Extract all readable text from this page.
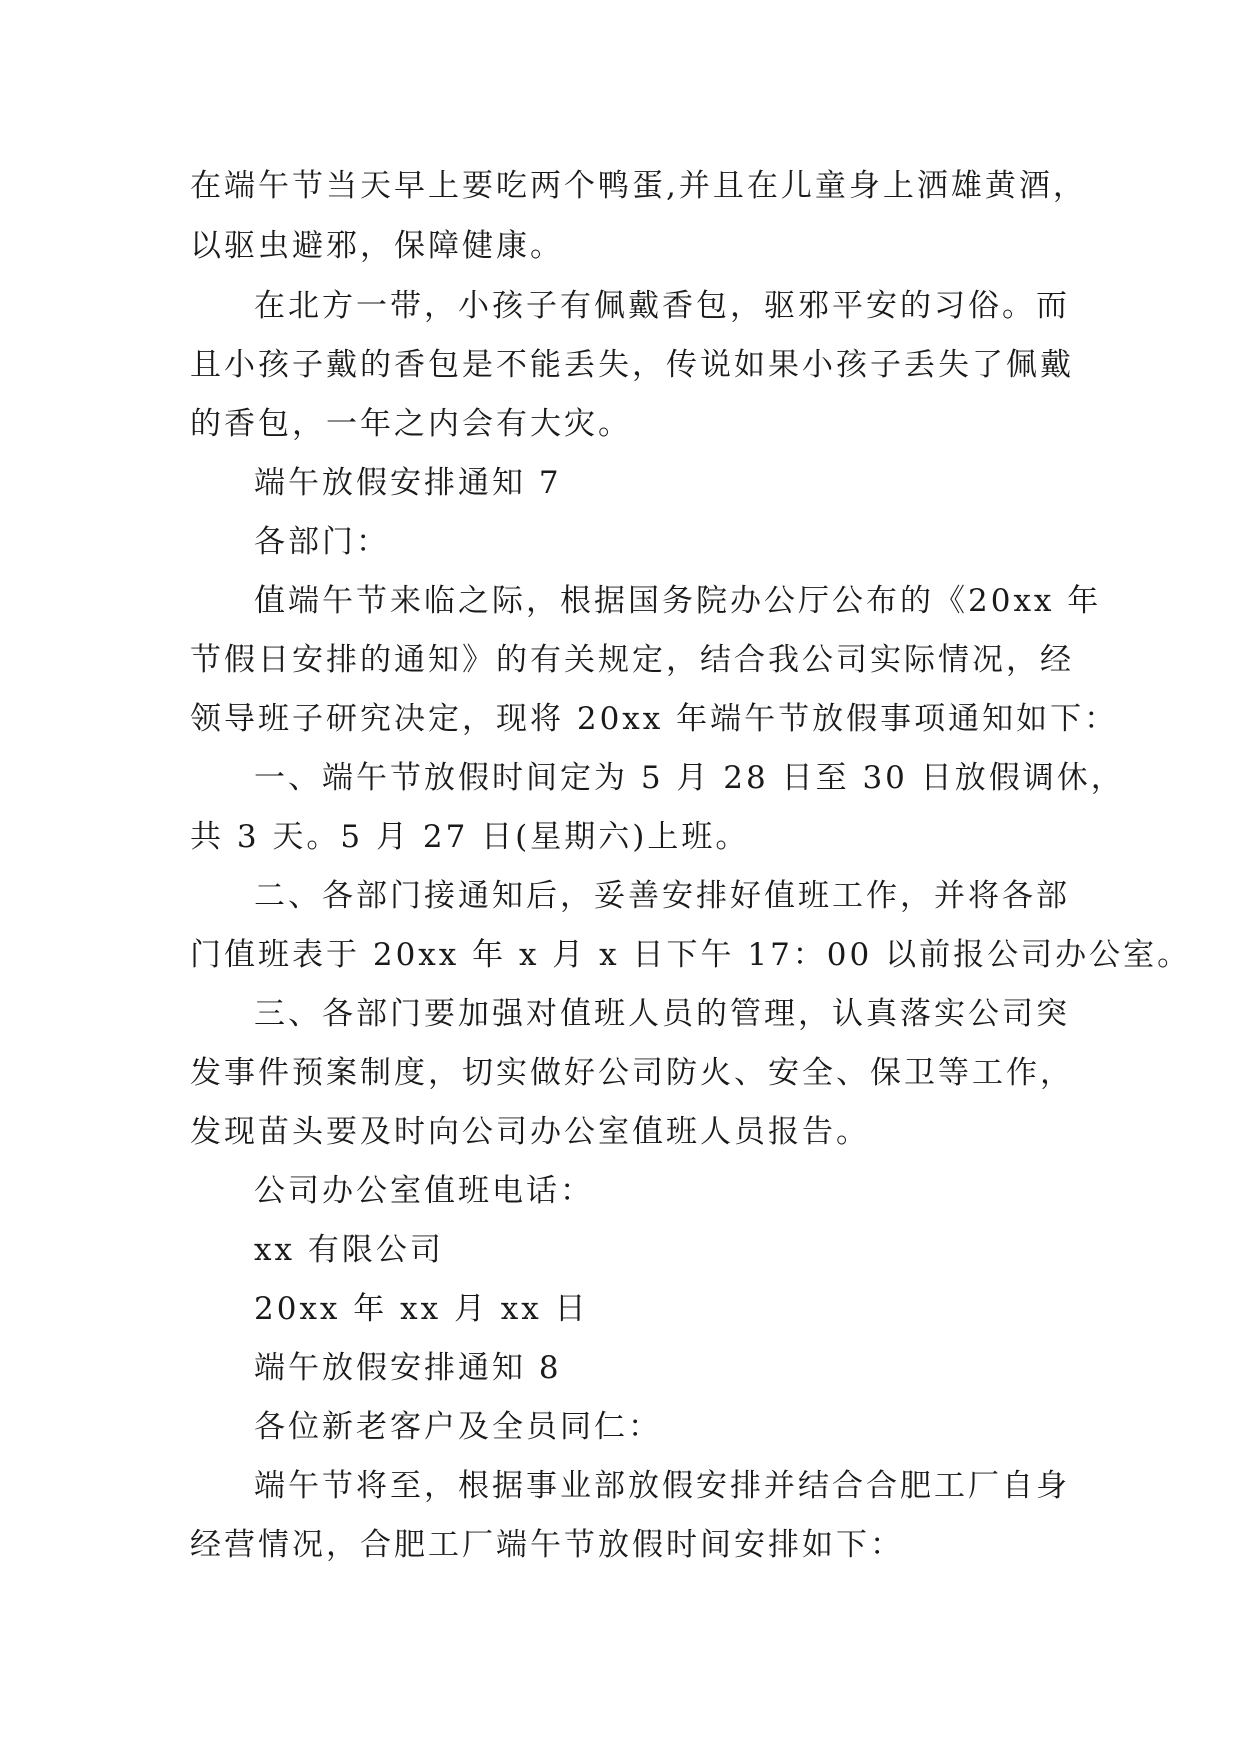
在端午节当天早上要吃两个鸭蛋,并且在儿童身上洒雄黄酒，
以驱虫避邪，保障健康。
在北方一带，小孩子有佩戴香包，驱邪平安的习俗。而
且小孩子戴的香包是不能丢失，传说如果小孩子丢失了佩戴
的香包，一年之内会有大灾。
端午放假安排通知 7
各部门：
值端午节来临之际，根据国务院办公厅公布的《20xx 年
节假日安排的通知》的有关规定，结合我公司实际情况，经
领导班子研究决定，现将 20xx 年端午节放假事项通知如下：
一、端午节放假时间定为 5 月 28 日至 30 日放假调休，
共 3 天。5 月 27 日(星期六)上班。
二、各部门接通知后，妥善安排好值班工作，并将各部
门值班表于 20xx 年 x 月 x 日下午 17：00 以前报公司办公室。
三、各部门要加强对值班人员的管理，认真落实公司突
发事件预案制度，切实做好公司防火、安全、保卫等工作，
发现苗头要及时向公司办公室值班人员报告。
公司办公室值班电话：
xx 有限公司
20xx 年 xx 月 xx 日
端午放假安排通知 8
各位新老客户及全员同仁：
端午节将至，根据事业部放假安排并结合合肥工厂自身
经营情况，合肥工厂端午节放假时间安排如下：
